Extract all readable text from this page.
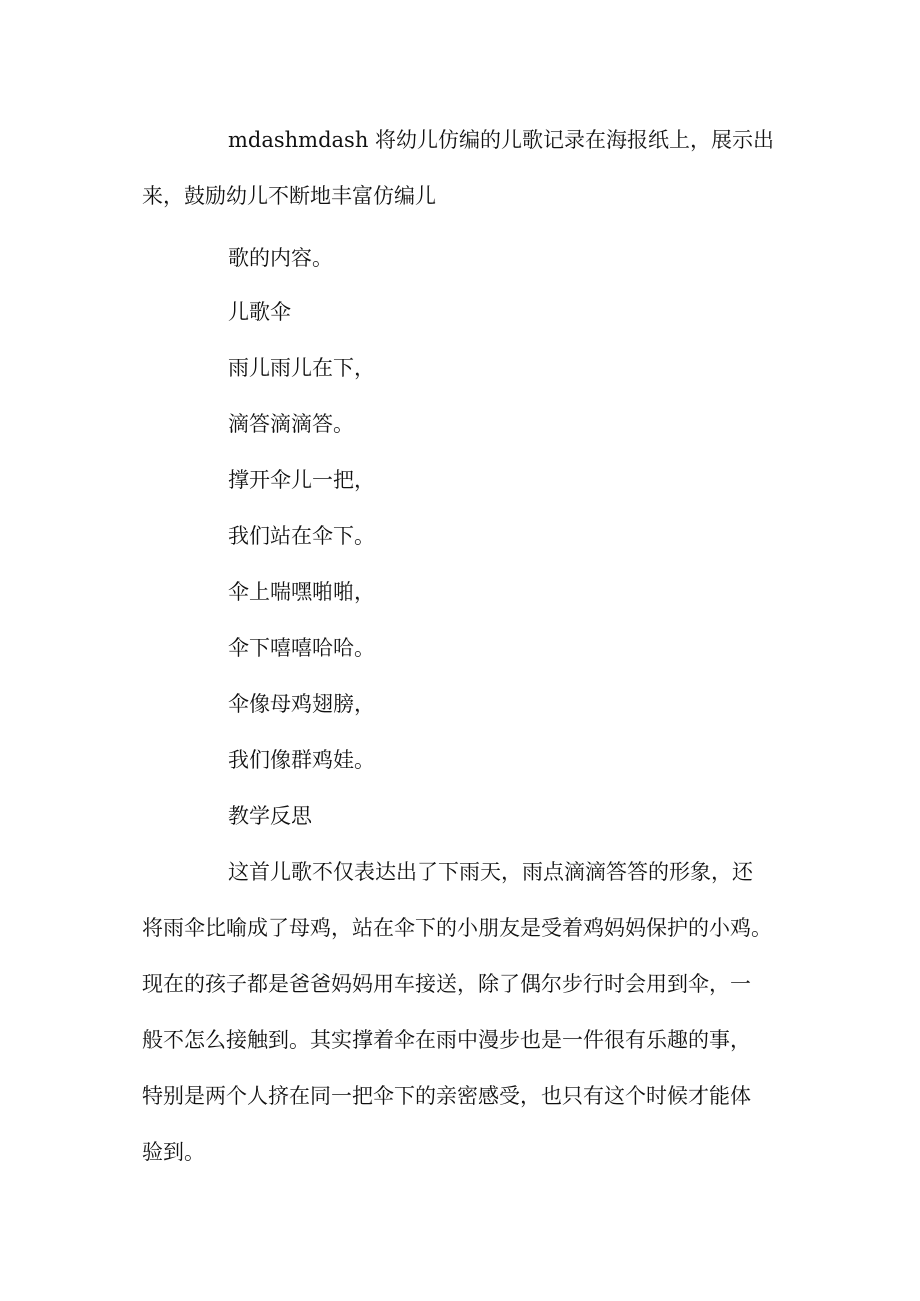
mdashmdash 将幼儿仿编的儿歌记录在海报纸上，展示出
来，鼓励幼儿不断地丰富仿编儿
歌的内容。
儿歌伞
雨儿雨儿在下，
滴答滴滴答。
撑开伞儿一把，
我们站在伞下。
伞上喘嘿啪啪，
伞下嘻嘻哈哈。
伞像母鸡翅膀，
我们像群鸡娃。
教学反思
这首儿歌不仅表达出了下雨天，雨点滴滴答答的形象，还
将雨伞比喻成了母鸡，站在伞下的小朋友是受着鸡妈妈保护的小鸡。
现在的孩子都是爸爸妈妈用车接送，除了偶尔步行时会用到伞，一
般不怎么接触到。其实撑着伞在雨中漫步也是一件很有乐趣的事，
特别是两个人挤在同一把伞下的亲密感受，也只有这个时候才能体
验到。
